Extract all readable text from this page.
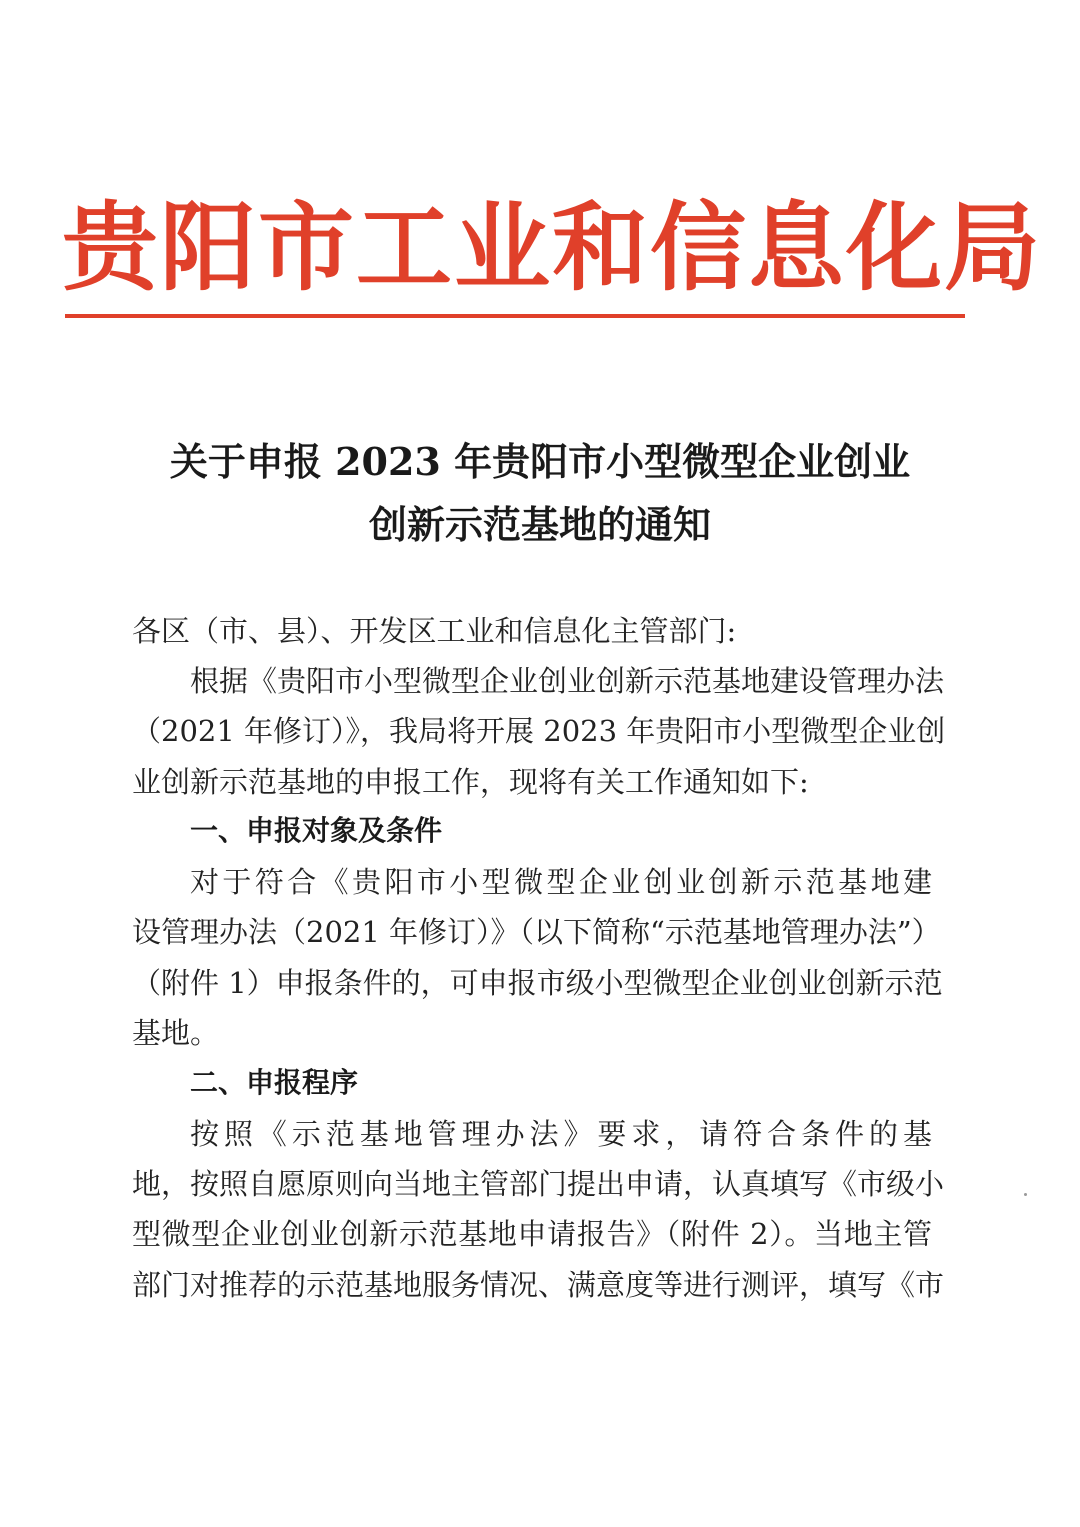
贵阳市工业和信息化局
关于申报 2023 年贵阳市小型微型企业创业
创新示范基地的通知
各区（市、县）、开发区工业和信息化主管部门:
根据《贵阳市小型微型企业创业创新示范基地建设管理办法
（2021 年修订）》，我局将开展 2023 年贵阳市小型微型企业创
业创新示范基地的申报工作，现将有关工作通知如下:
一、申报对象及条件
对于符合《贵阳市小型微型企业创业创新示范基地建
设管理办法（2021 年修订）》（以下简称“示范基地管理办法”）
（附件 1）申报条件的，可申报市级小型微型企业创业创新示范
基地。
二、申报程序
按照《示范基地管理办法》要求，请符合条件的基
地，按照自愿原则向当地主管部门提出申请，认真填写《市级小
型微型企业创业创新示范基地申请报告》（附件 2）。当地主管
部门对推荐的示范基地服务情况、满意度等进行测评，填写《市
